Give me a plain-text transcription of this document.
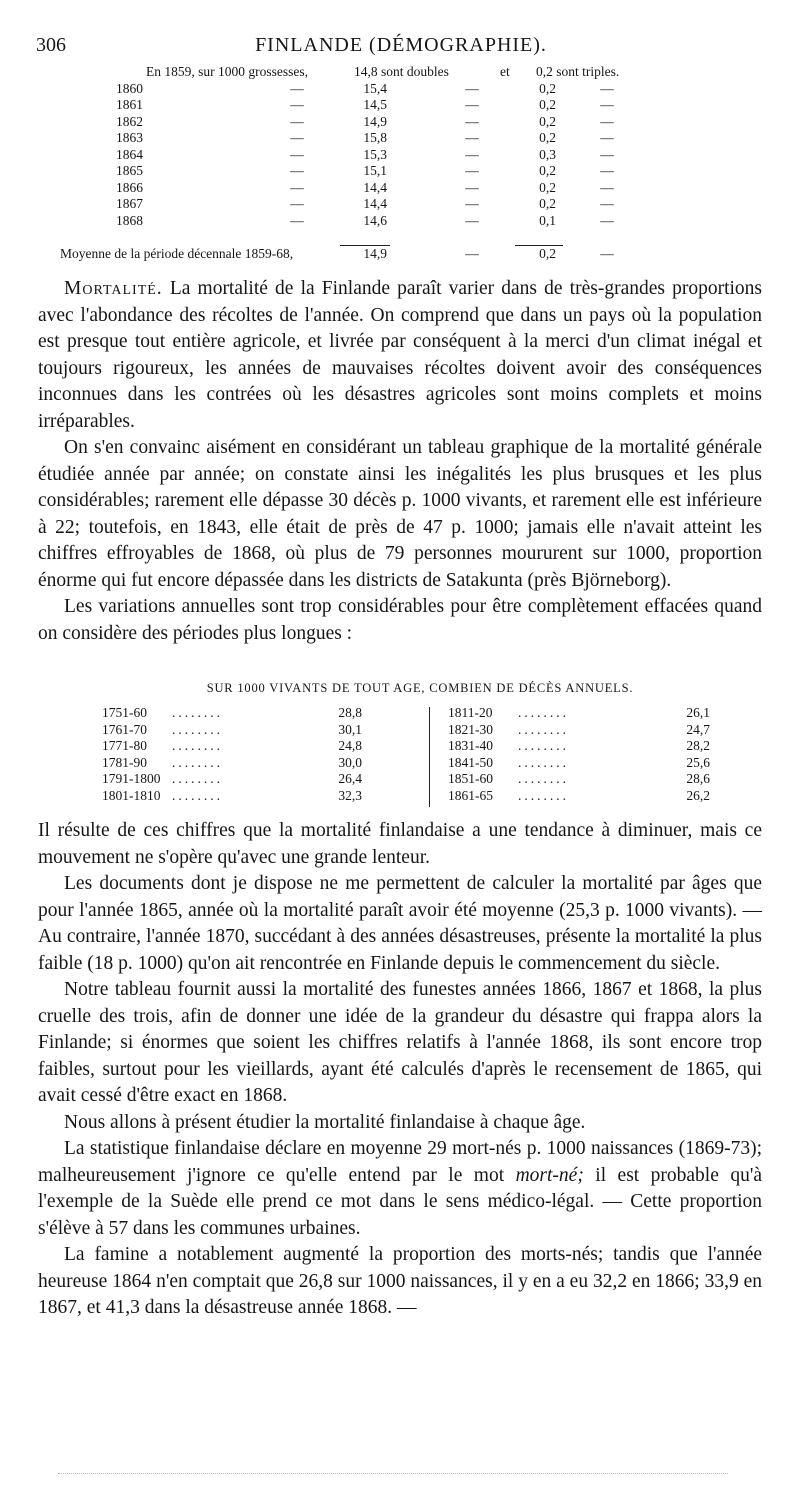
306	FINLANDE (DÉMOGRAPHIE).
En 1859, sur 1000 grossesses,	14,8 sont doubles	et 0,2 sont triples.
1860	—	15,4	—	0,2	—
1861	—	14,5	—	0,2	—
1862	—	14,9	—	0,2	—
1863	—	15,8	—	0,2	—
1864	—	15,3	—	0,3	—
1865	—	15,1	—	0,2	—
1866	—	14,4	—	0,2	—
1867	—	14,4	—	0,2	—
1868	—	14,6	—	0,1	—
Moyenne de la période décennale 1859-68,	14,9	—	0,2	—

Mortalité. La mortalité de la Finlande paraît varier dans de très-grandes proportions avec l'abondance des récoltes de l'année. On comprend que dans un pays où la population est presque tout entière agricole, et livrée par conséquent à la merci d'un climat inégal et toujours rigoureux, les années de mauvaises récoltes doivent avoir des conséquences inconnues dans les contrées où les désastres agricoles sont moins complets et moins irréparables.

On s'en convainc aisément en considérant un tableau graphique de la mortalité générale étudiée année par année; on constate ainsi les inégalités les plus brusques et les plus considérables; rarement elle dépasse 30 décès p. 1000 vivants, et rarement elle est inférieure à 22; toutefois, en 1843, elle était de près de 47 p. 1000; jamais elle n'avait atteint les chiffres effroyables de 1868, où plus de 79 personnes moururent sur 1000, proportion énorme qui fut encore dépassée dans les districts de Satakunta (près Björneborg).

Les variations annuelles sont trop considérables pour être complètement effacées quand on considère des périodes plus longues :

SUR 1000 VIVANTS DE TOUT AGE, COMBIEN DE DÉCÈS ANNUELS.
1751-60 ........	28,8
1761-70 ........	30,1
1771-80 ........	24,8
1781-90 ........	30,0
1791-1800 ........	26,4
1801-1810 ........	32,3
1811-20 ........	26,1
1821-30 ........	24,7
1831-40 ........	28,2
1841-50 ........	25,6
1851-60 ........	28,6
1861-65 ........	26,2

Il résulte de ces chiffres que la mortalité finlandaise a une tendance à diminuer, mais ce mouvement ne s'opère qu'avec une grande lenteur.

Les documents dont je dispose ne me permettent de calculer la mortalité par âges que pour l'année 1865, année où la mortalité paraît avoir été moyenne (25,3 p. 1000 vivants). — Au contraire, l'année 1870, succédant à des années désastreuses, présente la mortalité la plus faible (18 p. 1000) qu'on ait rencontrée en Finlande depuis le commencement du siècle.

Notre tableau fournit aussi la mortalité des funestes années 1866, 1867 et 1868, la plus cruelle des trois, afin de donner une idée de la grandeur du désastre qui frappa alors la Finlande; si énormes que soient les chiffres relatifs à l'année 1868, ils sont encore trop faibles, surtout pour les vieillards, ayant été calculés d'après le recensement de 1865, qui avait cessé d'être exact en 1868.

Nous allons à présent étudier la mortalité finlandaise à chaque âge.

La statistique finlandaise déclare en moyenne 29 mort-nés p. 1000 naissances (1869-73); malheureusement j'ignore ce qu'elle entend par le mot mort-né; il est probable qu'à l'exemple de la Suède elle prend ce mot dans le sens médico-légal. — Cette proportion s'élève à 57 dans les communes urbaines.

La famine a notablement augmenté la proportion des morts-nés; tandis que l'année heureuse 1864 n'en comptait que 26,8 sur 1000 naissances, il y en a eu 32,2 en 1866; 33,9 en 1867, et 41,3 dans la désastreuse année 1868. —
